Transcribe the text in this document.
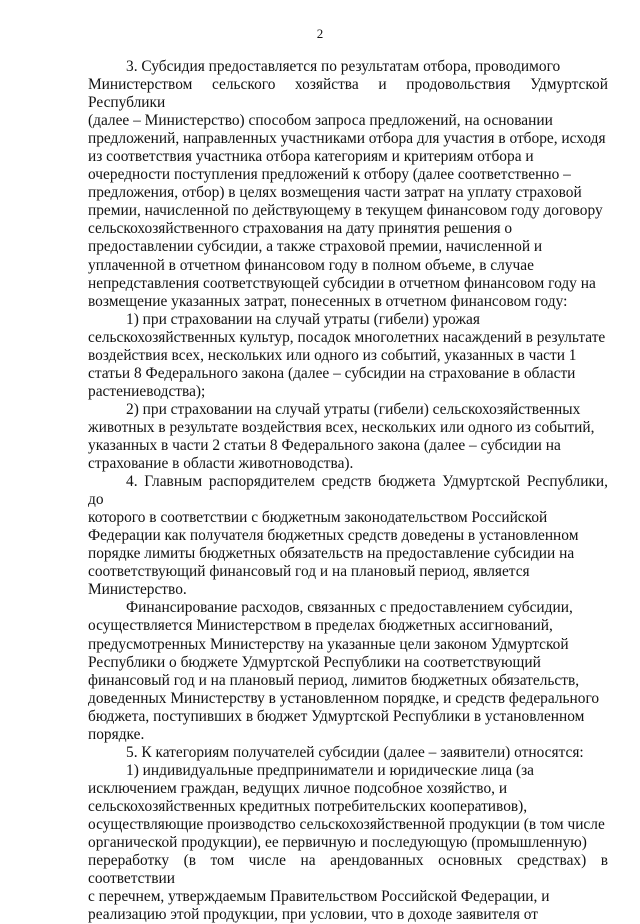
2

3. Субсидия предоставляется по результатам отбора, проводимого
Министерством сельского хозяйства и продовольствия Удмуртской Республики
(далее – Министерство) способом запроса предложений, на основании
предложений, направленных участниками отбора для участия в отборе, исходя
из соответствия участника отбора категориям и критериям отбора и
очередности поступления предложений к отбору (далее соответственно –
предложения, отбор) в целях возмещения части затрат на уплату страховой
премии, начисленной по действующему в текущем финансовом году договору
сельскохозяйственного страхования на дату принятия решения о
предоставлении субсидии, а также страховой премии, начисленной и
уплаченной в отчетном финансовом году в полном объеме, в случае
непредставления соответствующей субсидии в отчетном финансовом году на
возмещение указанных затрат, понесенных в отчетном финансовом году:

1) при страховании на случай утраты (гибели) урожая
сельскохозяйственных культур, посадок многолетних насаждений в результате
воздействия всех, нескольких или одного из событий, указанных в части 1
статьи 8 Федерального закона (далее – субсидии на страхование в области
растениеводства);

2) при страховании на случай утраты (гибели) сельскохозяйственных
животных в результате воздействия всех, нескольких или одного из событий,
указанных в части 2 статьи 8 Федерального закона (далее – субсидии на
страхование в области животноводства).

4. Главным распорядителем средств бюджета Удмуртской Республики, до
которого в соответствии с бюджетным законодательством Российской
Федерации как получателя бюджетных средств доведены в установленном
порядке лимиты бюджетных обязательств на предоставление субсидии на
соответствующий финансовый год и на плановый период, является
Министерство.

Финансирование расходов, связанных с предоставлением субсидии,
осуществляется Министерством в пределах бюджетных ассигнований,
предусмотренных Министерству на указанные цели законом Удмуртской
Республики о бюджете Удмуртской Республики на соответствующий
финансовый год и на плановый период, лимитов бюджетных обязательств,
доведенных Министерству в установленном порядке, и средств федерального
бюджета, поступивших в бюджет Удмуртской Республики в установленном
порядке.

5. К категориям получателей субсидии (далее – заявители) относятся:

1) индивидуальные предприниматели и юридические лица (за
исключением граждан, ведущих личное подсобное хозяйство, и
сельскохозяйственных кредитных потребительских кооперативов),
осуществляющие производство сельскохозяйственной продукции (в том числе
органической продукции), ее первичную и последующую (промышленную)
переработку (в том числе на арендованных основных средствах) в соответствии
с перечнем, утверждаемым Правительством Российской Федерации, и
реализацию этой продукции, при условии, что в доходе заявителя от
